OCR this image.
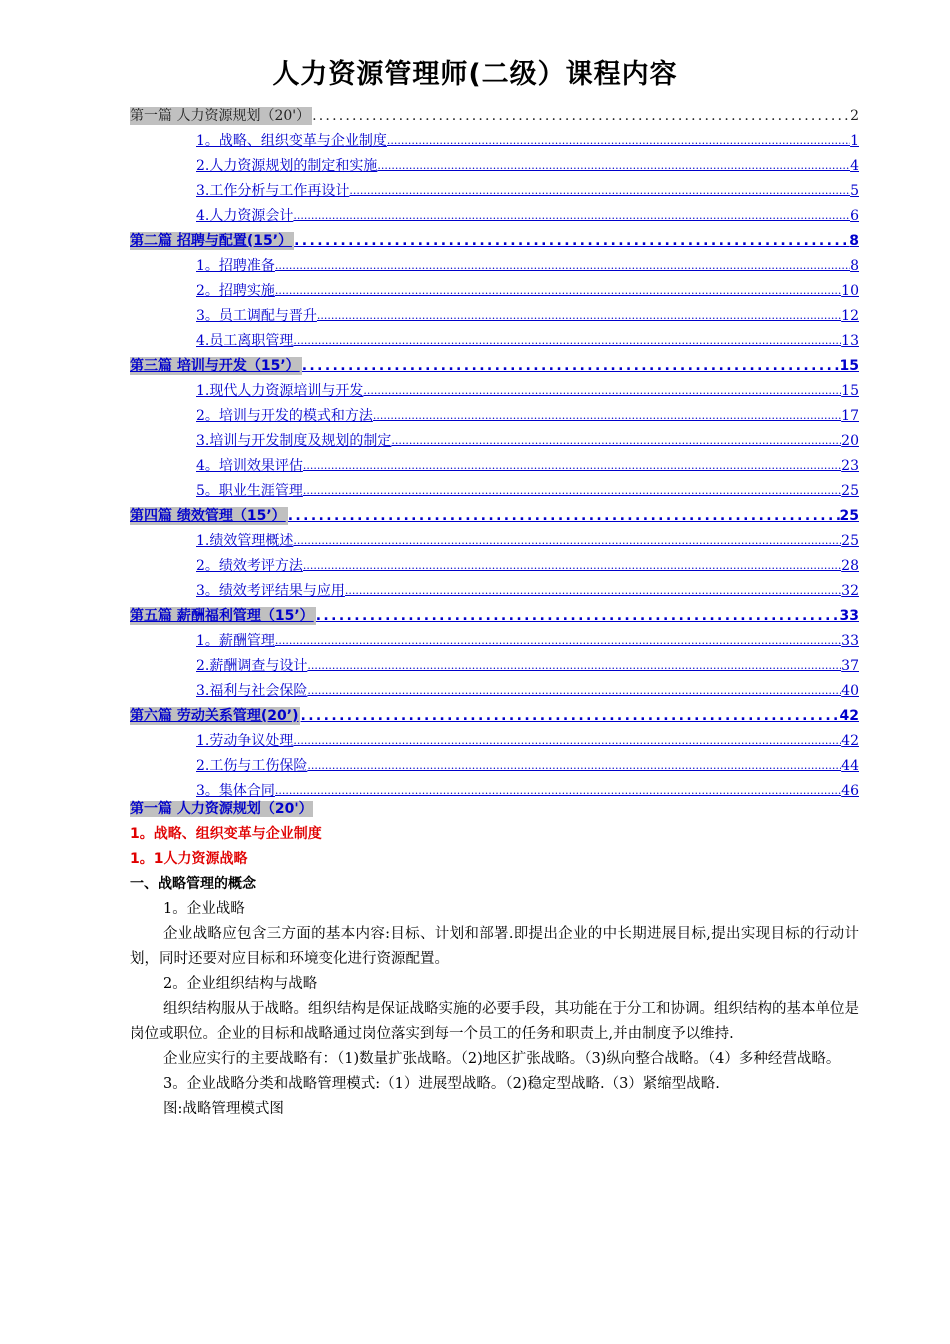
人力资源管理师(二级）课程内容
第一篇 人力资源规划（20'） .....	2
1。战略、组织变革与企业制度 .....	1
2.人力资源规划的制定和实施 .....	4
3.工作分析与工作再设计 .....	5
4.人力资源会计 .....	6
第二篇 招聘与配置(15’） .....	8
1。招聘准备 .....	8
2。招聘实施 .....	10
3。员工调配与晋升 .....	12
4.员工离职管理 .....	13
第三篇 培训与开发（15’） .....	15
1.现代人力资源培训与开发 .....	15
2。培训与开发的模式和方法 .....	17
3.培训与开发制度及规划的制定 .....	20
4。培训效果评估 .....	23
5。职业生涯管理 .....	25
第四篇 绩效管理（15’） .....	25
1.绩效管理概述 .....	25
2。绩效考评方法 .....	28
3。绩效考评结果与应用 .....	32
第五篇 薪酬福利管理（15’） .....	33
1。薪酬管理 .....	33
2.薪酬调查与设计 .....	37
3.福利与社会保险 .....	40
第六篇 劳动关系管理(20’) .....	42
1.劳动争议处理 .....	42
2.工伤与工伤保险 .....	44
3。集体合同 .....	46
第一篇 人力资源规划（20'）
1。战略、组织变革与企业制度
1。1人力资源战略
一、战略管理的概念
1。企业战略
企业战略应包含三方面的基本内容:目标、计划和部署.即提出企业的中长期进展目标,提出实现目标的行动计划，同时还要对应目标和环境变化进行资源配置。
2。企业组织结构与战略
组织结构服从于战略。组织结构是保证战略实施的必要手段，其功能在于分工和协调。组织结构的基本单位是岗位或职位。企业的目标和战略通过岗位落实到每一个员工的任务和职责上,并由制度予以维持.
企业应实行的主要战略有：（1)数量扩张战略。（2)地区扩张战略。（3)纵向整合战略。（4）多种经营战略。
3。企业战略分类和战略管理模式:（1）进展型战略。（2)稳定型战略.（3）紧缩型战略.
图:战略管理模式图
